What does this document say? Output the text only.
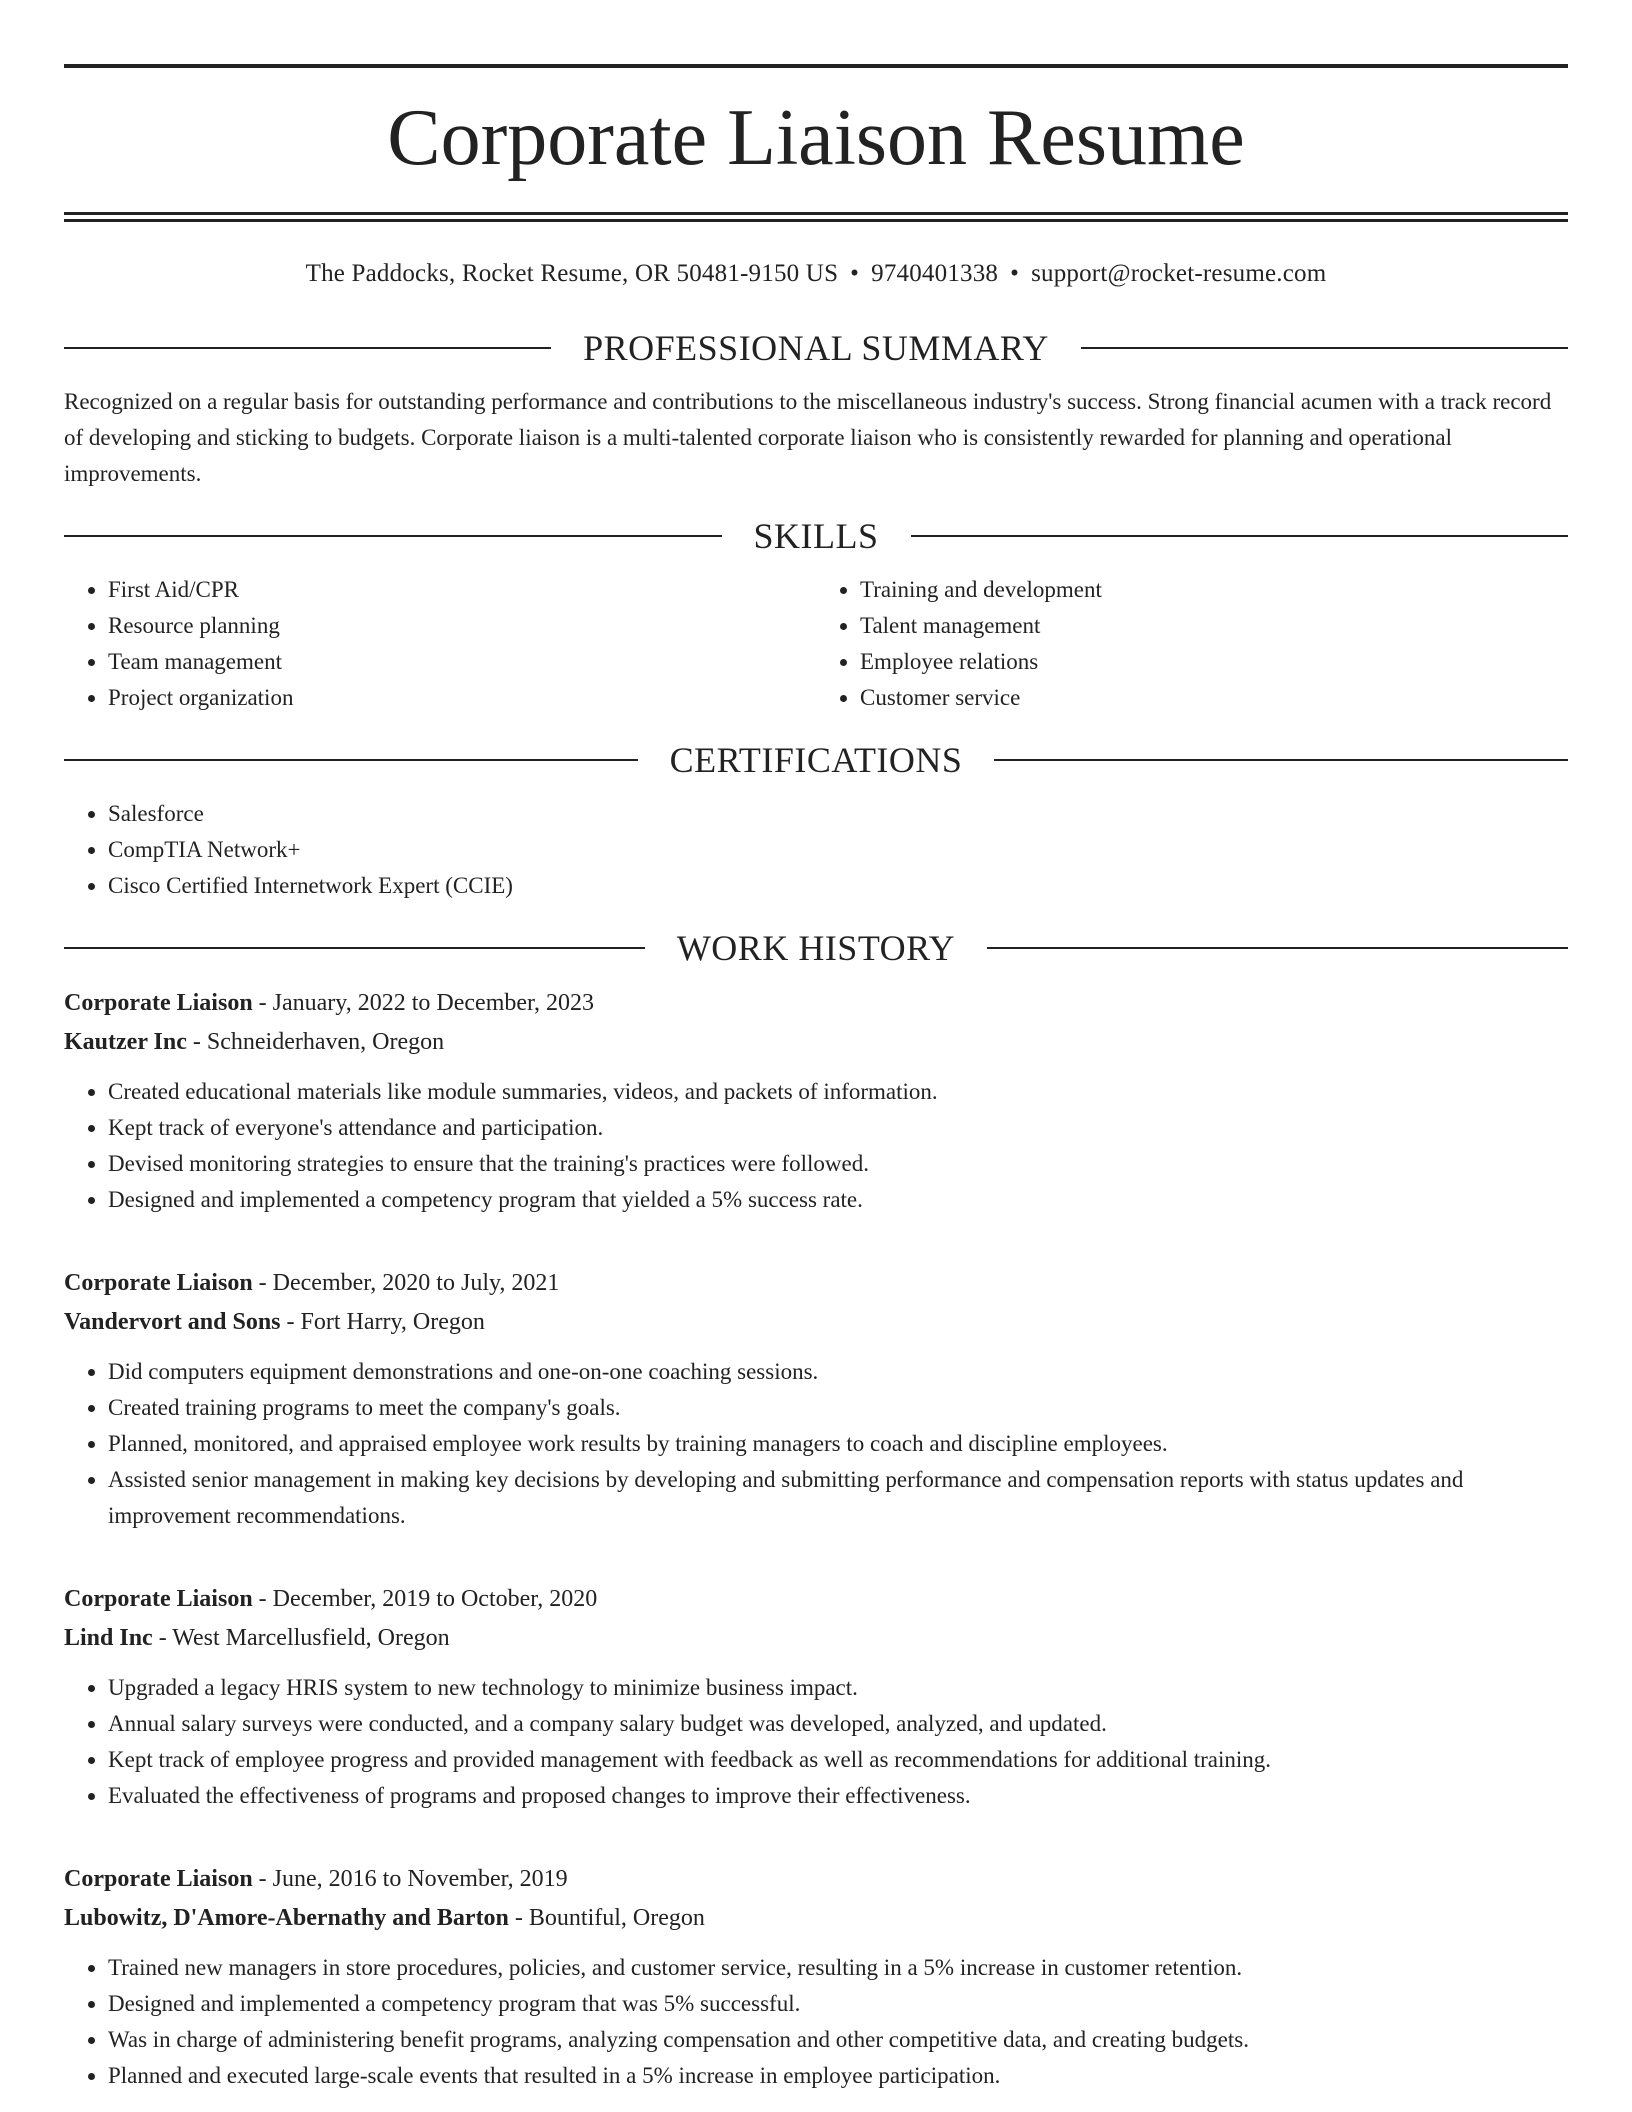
Corporate Liaison Resume
The Paddocks, Rocket Resume, OR 50481-9150 US • 9740401338 • support@rocket-resume.com
PROFESSIONAL SUMMARY

Recognized on a regular basis for outstanding performance and contributions to the miscellaneous industry's success. Strong financial acumen with a track record of developing and sticking to budgets. Corporate liaison is a multi-talented corporate liaison who is consistently rewarded for planning and operational improvements.

SKILLS
• First Aid/CPR
• Resource planning
• Team management
• Project organization
• Training and development
• Talent management
• Employee relations
• Customer service
CERTIFICATIONS
• Salesforce
• CompTIA Network+
• Cisco Certified Internetwork Expert (CCIE)
WORK HISTORY
Corporate Liaison - January, 2022 to December, 2023
Kautzer Inc - Schneiderhaven, Oregon
• Created educational materials like module summaries, videos, and packets of information.
• Kept track of everyone's attendance and participation.
• Devised monitoring strategies to ensure that the training's practices were followed.
• Designed and implemented a competency program that yielded a 5% success rate.
Corporate Liaison - December, 2020 to July, 2021
Vandervort and Sons - Fort Harry, Oregon
• Did computers equipment demonstrations and one-on-one coaching sessions.
• Created training programs to meet the company's goals.
• Planned, monitored, and appraised employee work results by training managers to coach and discipline employees.
• Assisted senior management in making key decisions by developing and submitting performance and compensation reports with status updates and improvement recommendations.
Corporate Liaison - December, 2019 to October, 2020
Lind Inc - West Marcellusfield, Oregon
• Upgraded a legacy HRIS system to new technology to minimize business impact.
• Annual salary surveys were conducted, and a company salary budget was developed, analyzed, and updated.
• Kept track of employee progress and provided management with feedback as well as recommendations for additional training.
• Evaluated the effectiveness of programs and proposed changes to improve their effectiveness.
Corporate Liaison - June, 2016 to November, 2019
Lubowitz, D'Amore-Abernathy and Barton - Bountiful, Oregon
• Trained new managers in store procedures, policies, and customer service, resulting in a 5% increase in customer retention.
• Designed and implemented a competency program that was 5% successful.
• Was in charge of administering benefit programs, analyzing compensation and other competitive data, and creating budgets.
• Planned and executed large-scale events that resulted in a 5% increase in employee participation.
